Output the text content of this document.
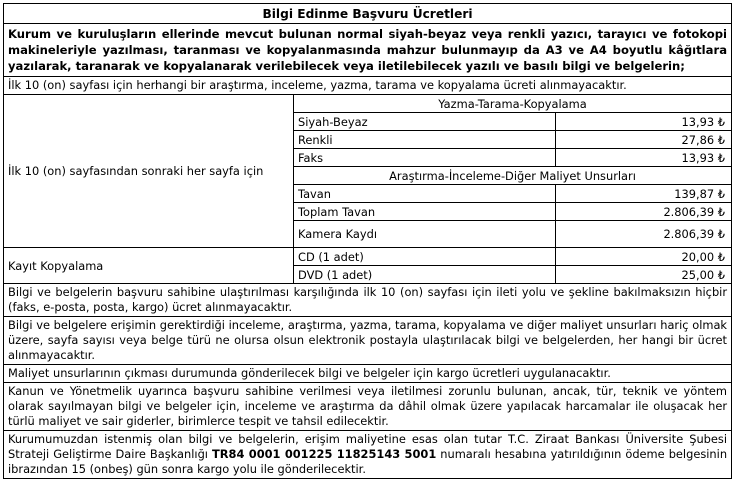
Bilgi Edinme Başvuru Ücretleri		
Kurum ve kuruluşların ellerinde mevcut bulunan normal siyah-beyaz veya renkli yazıcı, tarayıcı ve fotokopi makineleriyle yazılması, taranması ve kopyalanmasında mahzur bulunmayıp da A3 ve A4 boyutlu kâğıtlara yazılarak, taranarak ve kopyalanarak verilebilecek veya iletilebilecek yazılı ve basılı bilgi ve belgelerin;		
İlk 10 (on) sayfası için herhangi bir araştırma, inceleme, yazma, tarama ve kopyalama ücreti alınmayacaktır.		
İlk 10 (on) sayfasından sonraki her sayfa için	Yazma-Tarama-Kopyalama	
	Siyah-Beyaz	13,93 ₺
	Renkli	27,86 ₺
	Faks	13,93 ₺
	Araştırma-İnceleme-Diğer Maliyet Unsurları	
	Tavan	139,87 ₺
	Toplam Tavan	2.806,39 ₺
	Kamera Kaydı	2.806,39 ₺
Kayıt Kopyalama	CD (1 adet)	20,00 ₺
	DVD (1 adet)	25,00 ₺
Bilgi ve belgelerin başvuru sahibine ulaştırılması karşılığında ilk 10 (on) sayfası için ileti yolu ve şekline bakılmaksızın hiçbir (faks, e-posta, posta, kargo) ücret alınmayacaktır.		
Bilgi ve belgelere erişimin gerektirdiği inceleme, araştırma, yazma, tarama, kopyalama ve diğer maliyet unsurları hariç olmak üzere, sayfa sayısı veya belge türü ne olursa olsun elektronik postayla ulaştırılacak bilgi ve belgelerden, her hangi bir ücret alınmayacaktır.		
Maliyet unsurlarının çıkması durumunda gönderilecek bilgi ve belgeler için kargo ücretleri uygulanacaktır.		
Kanun ve Yönetmelik uyarınca başvuru sahibine verilmesi veya iletilmesi zorunlu bulunan, ancak, tür, teknik ve yöntem olarak sayılmayan bilgi ve belgeler için, inceleme ve araştırma da dâhil olmak üzere yapılacak harcamalar ile oluşacak her türlü maliyet ve sair giderler, birimlerce tespit ve tahsil edilecektir.		
Kurumumuzdan istenmiş olan bilgi ve belgelerin, erişim maliyetine esas olan tutar T.C. Ziraat Bankası Üniversite Şubesi Strateji Geliştirme Daire Başkanlığı TR84 0001 001225 11825143 5001 numaralı hesabına yatırıldığının ödeme belgesinin ibrazından 15 (onbeş) gün sonra kargo yolu ile gönderilecektir.		
